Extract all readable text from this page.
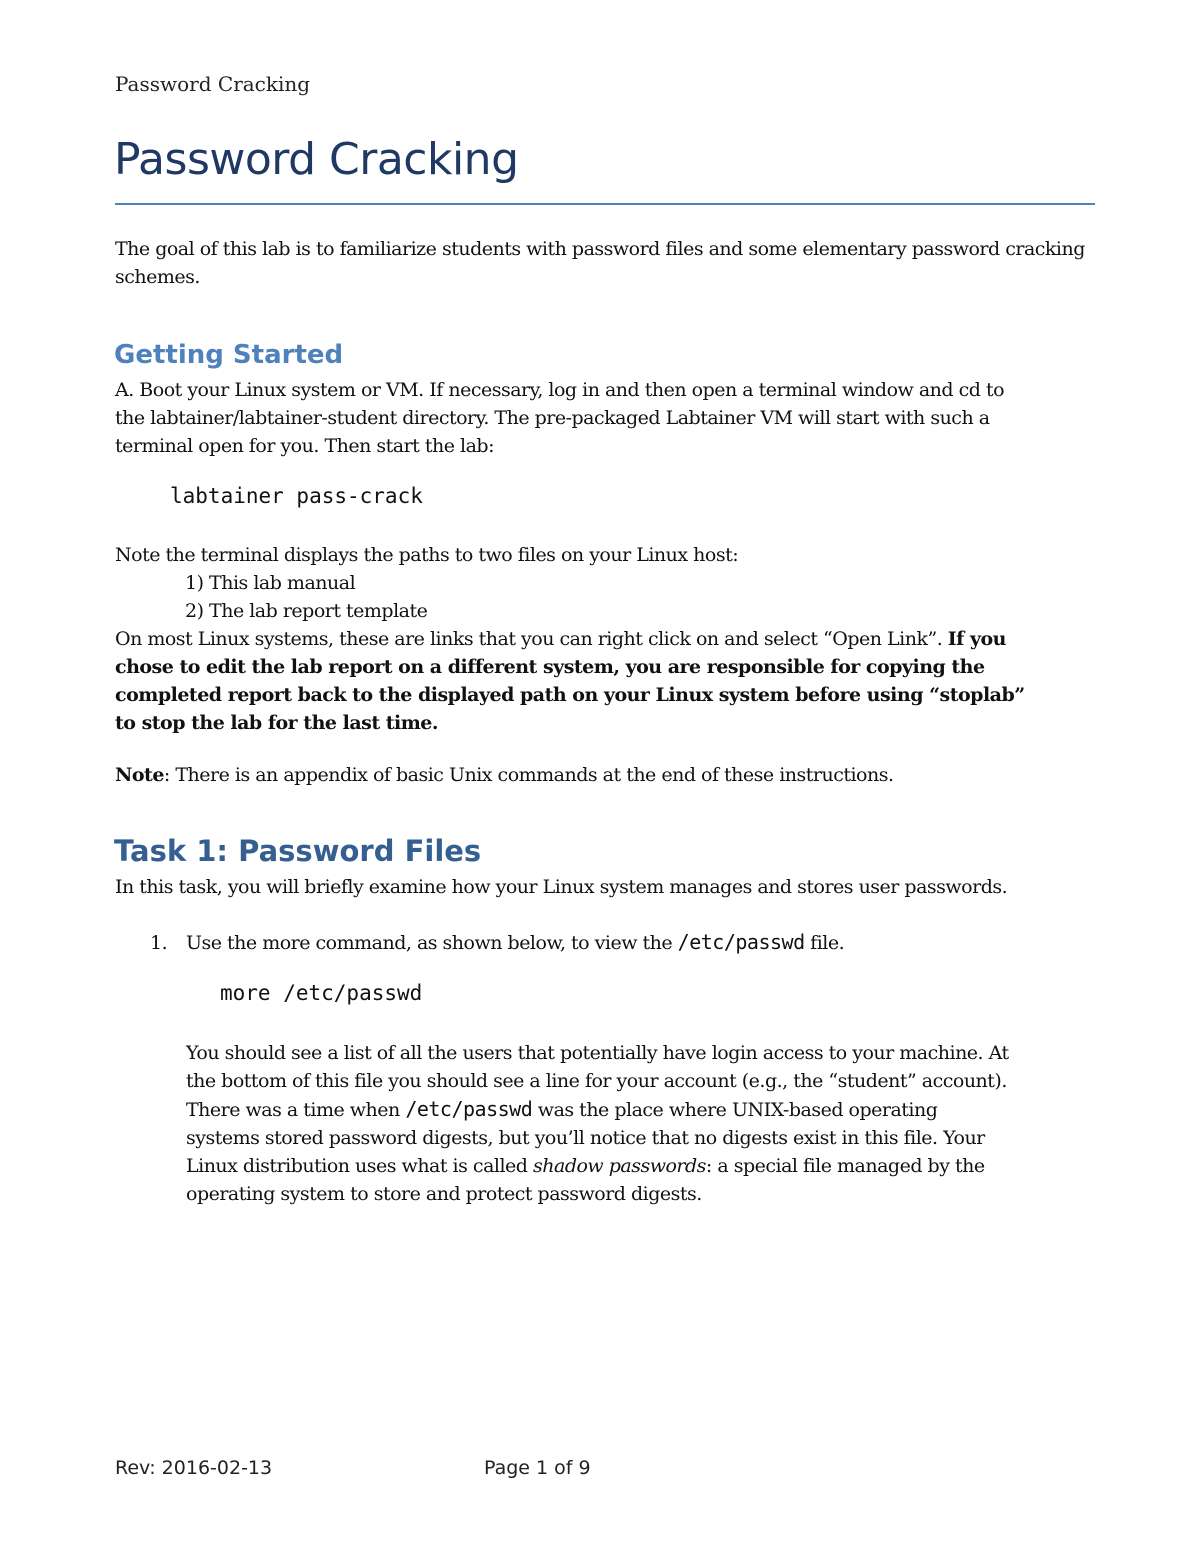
Password Cracking
Password Cracking
The goal of this lab is to familiarize students with password files and some elementary password cracking schemes.
Getting Started
A. Boot your Linux system or VM. If necessary, log in and then open a terminal window and cd to
the labtainer/labtainer-student directory. The pre-packaged Labtainer VM will start with such a
terminal open for you. Then start the lab:
labtainer pass-crack
Note the terminal displays the paths to two files on your Linux host:
1) This lab manual
2) The lab report template
On most Linux systems, these are links that you can right click on and select “Open Link”. If you
chose to edit the lab report on a different system, you are responsible for copying the
completed report back to the displayed path on your Linux system before using “stoplab”
to stop the lab for the last time.
Note: There is an appendix of basic Unix commands at the end of these instructions.
Task 1: Password Files
In this task, you will briefly examine how your Linux system manages and stores user passwords.
1. Use the more command, as shown below, to view the /etc/passwd file.
more /etc/passwd
You should see a list of all the users that potentially have login access to your machine. At
the bottom of this file you should see a line for your account (e.g., the “student” account).
There was a time when /etc/passwd was the place where UNIX-based operating
systems stored password digests, but you’ll notice that no digests exist in this file. Your
Linux distribution uses what is called shadow passwords: a special file managed by the
operating system to store and protect password digests.
Rev: 2016-02-13	Page 1 of 9
